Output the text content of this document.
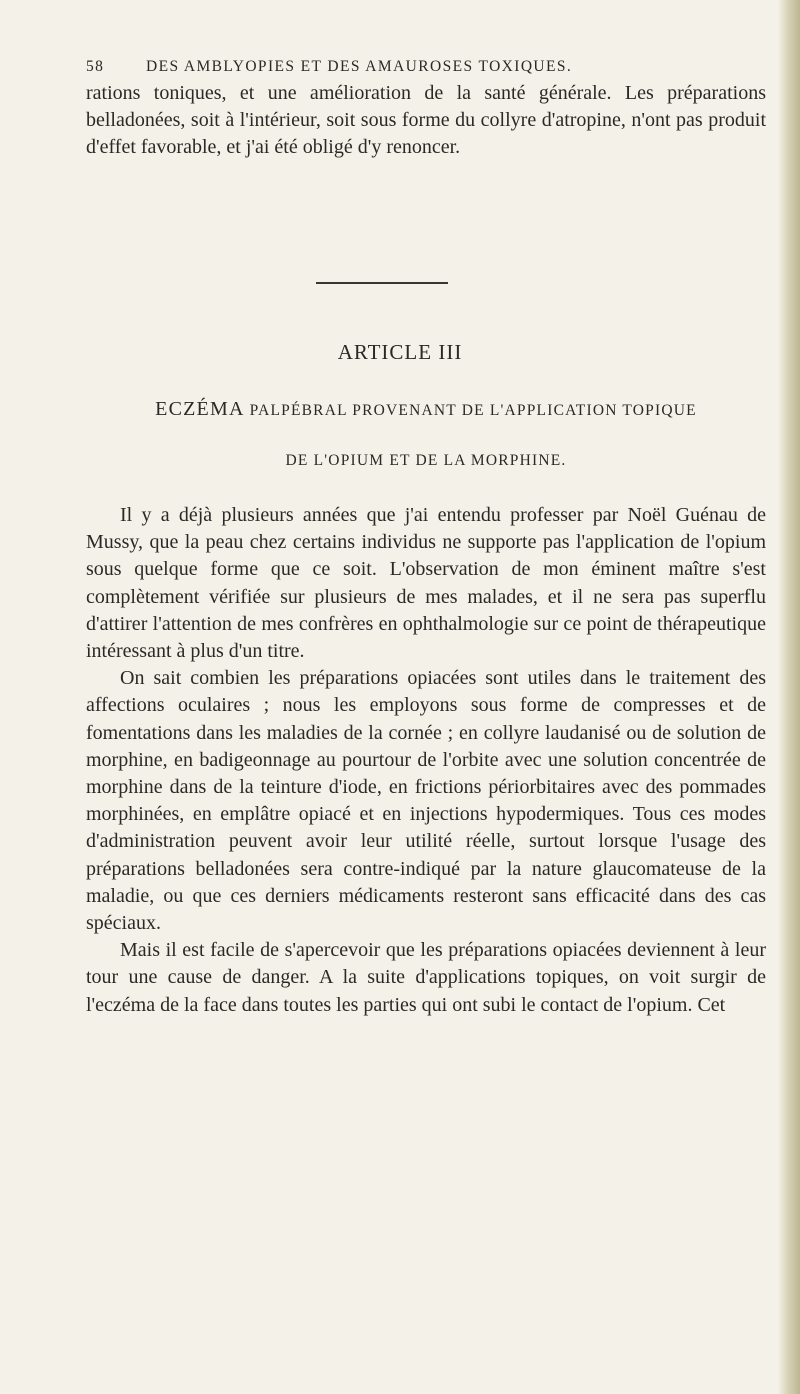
58	DES AMBLYOPIES ET DES AMAUROSES TOXIQUES.

rations toniques, et une amélioration de la santé générale. Les préparations belladonées, soit à l'intérieur, soit sous forme du collyre d'atropine, n'ont pas produit d'effet favorable, et j'ai été obligé d'y renoncer.

ARTICLE III
ECZÉMA PALPÉBRAL PROVENANT DE L'APPLICATION TOPIQUE
DE L'OPIUM ET DE LA MORPHINE.

Il y a déjà plusieurs années que j'ai entendu professer par Noël Guénau de Mussy, que la peau chez certains individus ne supporte pas l'application de l'opium sous quelque forme que ce soit. L'observation de mon éminent maître s'est complètement vérifiée sur plusieurs de mes malades, et il ne sera pas superflu d'attirer l'attention de mes confrères en ophthalmologie sur ce point de thérapeutique intéressant à plus d'un titre.

On sait combien les préparations opiacées sont utiles dans le traitement des affections oculaires ; nous les employons sous forme de compresses et de fomentations dans les maladies de la cornée ; en collyre laudanisé ou de solution de morphine, en badigeonnage au pourtour de l'orbite avec une solution concentrée de morphine dans de la teinture d'iode, en frictions périorbitaires avec des pommades morphinées, en emplâtre opiacé et en injections hypodermiques. Tous ces modes d'administration peuvent avoir leur utilité réelle, surtout lorsque l'usage des préparations belladonées sera contre-indiqué par la nature glaucomateuse de la maladie, ou que ces derniers médicaments resteront sans efficacité dans des cas spéciaux.

Mais il est facile de s'apercevoir que les préparations opiacées deviennent à leur tour une cause de danger. A la suite d'applications topiques, on voit surgir de l'eczéma de la face dans toutes les parties qui ont subi le contact de l'opium. Cet
